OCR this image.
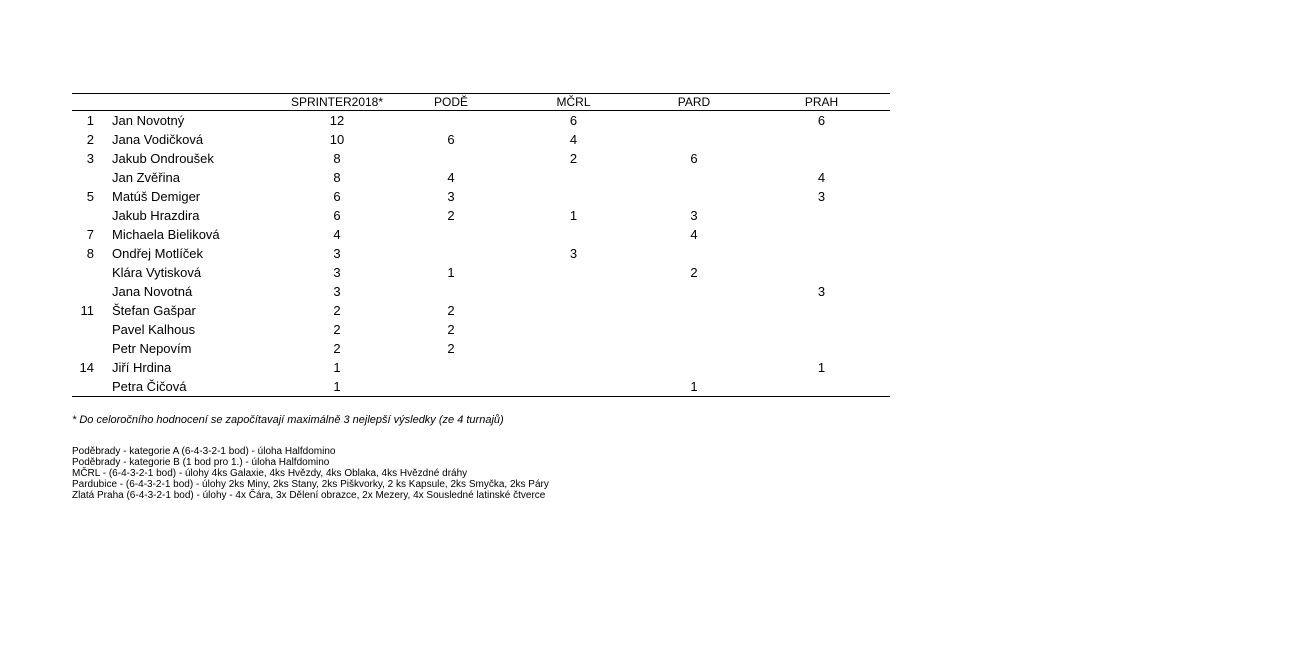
		SPRINTER2018*	PODĚ	MČRL	PARD	PRAH
1	Jan Novotný	12		6		6
2	Jana Vodičková	10	6	4		
3	Jakub Ondroušek	8		2	6	
	Jan Zvěřina	8	4			4
5	Matúš Demiger	6	3			3
	Jakub Hrazdira	6	2	1	3	
7	Michaela Bieliková	4			4	
8	Ondřej Motlíček	3		3		
	Klára Vytisková	3	1		2	
	Jana Novotná	3				3
11	Štefan Gašpar	2	2			
	Pavel Kalhous	2	2			
	Petr Nepovím	2	2			
14	Jiří Hrdina	1				1
	Petra Čičová	1			1	
* Do celoročního hodnocení se započítavají maximálně 3 nejlepší výsledky (ze 4 turnajů)
Poděbrady - kategorie A (6-4-3-2-1 bod) - úloha Halfdomino
Poděbrady - kategorie B (1 bod pro 1.) - úloha Halfdomino
MČRL - (6-4-3-2-1 bod) - úlohy 4ks Galaxie, 4ks Hvězdy, 4ks Oblaka, 4ks Hvězdné dráhy
Pardubice - (6-4-3-2-1 bod) - úlohy 2ks Miny, 2ks Stany, 2ks Piškvorky, 2 ks Kapsule, 2ks Smyčka, 2ks Páry
Zlatá Praha (6-4-3-2-1 bod) - úlohy - 4x Čára, 3x Dělení obrazce, 2x Mezery, 4x Sousledné latinské čtverce
